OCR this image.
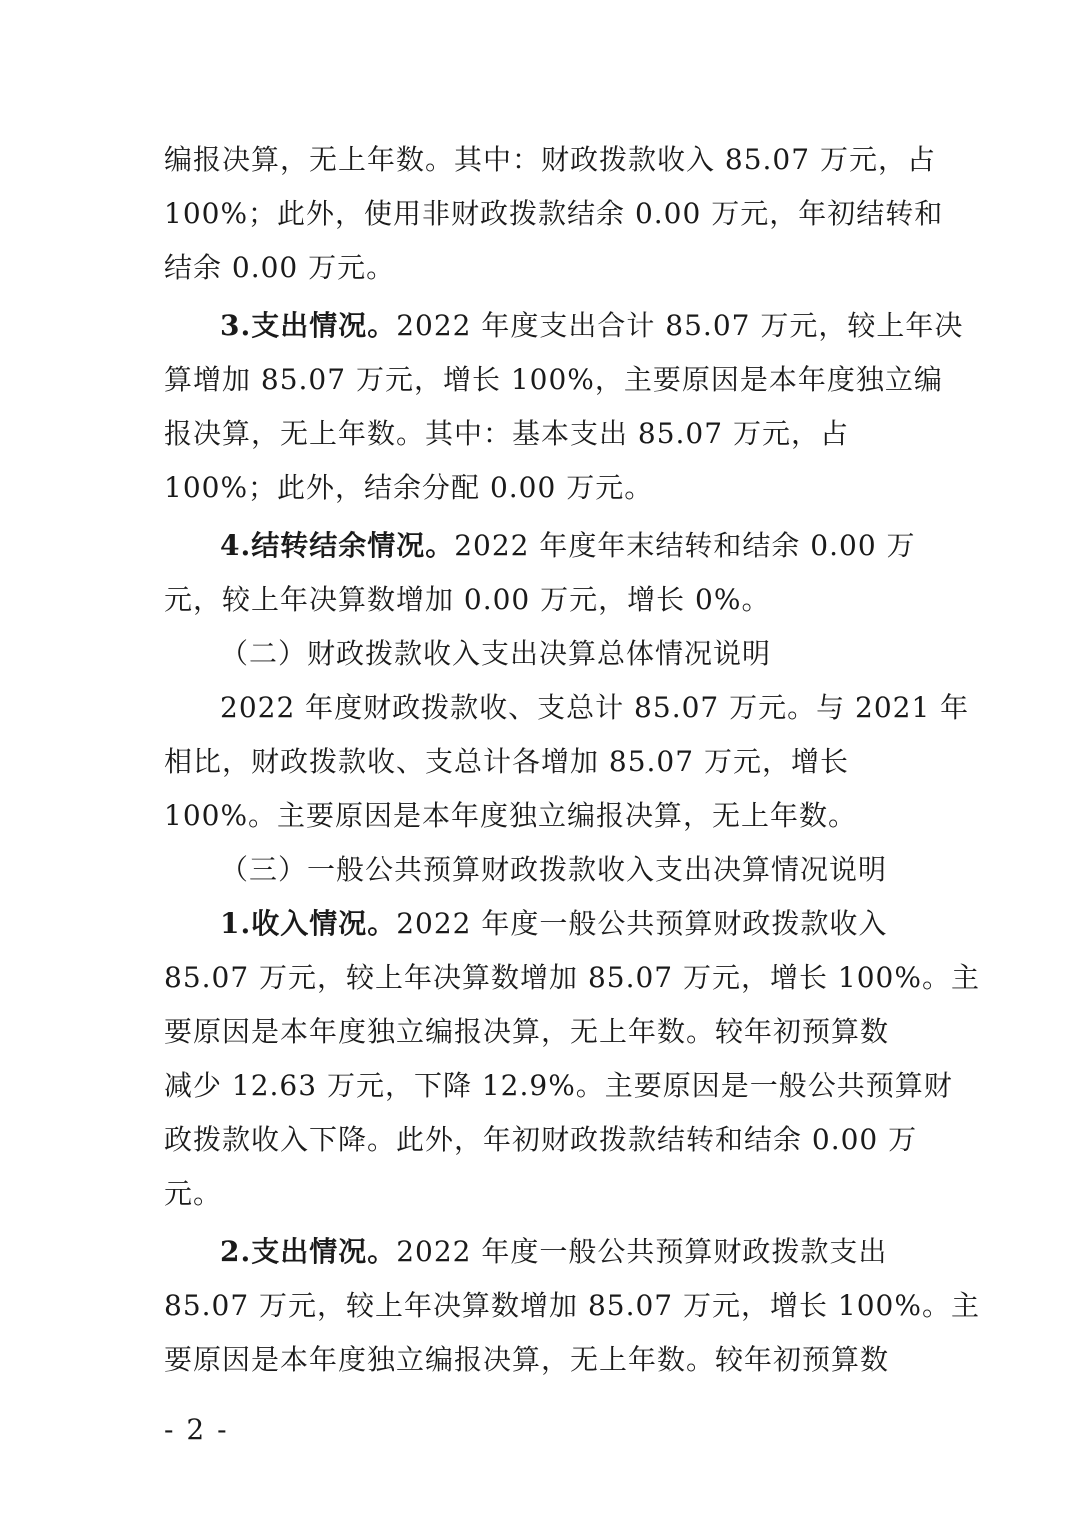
编报决算，无上年数。其中：财政拨款收入 85.07 万元，占
100%；此外，使用非财政拨款结余 0.00 万元，年初结转和
结余 0.00 万元。
3.支出情况。2022 年度支出合计 85.07 万元，较上年决
算增加 85.07 万元，增长 100%，主要原因是本年度独立编
报决算，无上年数。其中：基本支出 85.07 万元，占
100%；此外，结余分配 0.00 万元。
4.结转结余情况。2022 年度年末结转和结余 0.00 万
元，较上年决算数增加 0.00 万元，增长 0%。
（二）财政拨款收入支出决算总体情况说明
2022 年度财政拨款收、支总计 85.07 万元。与 2021 年
相比，财政拨款收、支总计各增加 85.07 万元，增长
100%。主要原因是本年度独立编报决算，无上年数。
（三）一般公共预算财政拨款收入支出决算情况说明
1.收入情况。2022 年度一般公共预算财政拨款收入
85.07 万元，较上年决算数增加 85.07 万元，增长 100%。主
要原因是本年度独立编报决算，无上年数。较年初预算数
减少 12.63 万元，下降 12.9%。主要原因是一般公共预算财
政拨款收入下降。此外，年初财政拨款结转和结余 0.00 万
元。
2.支出情况。2022 年度一般公共预算财政拨款支出
85.07 万元，较上年决算数增加 85.07 万元，增长 100%。主
要原因是本年度独立编报决算，无上年数。较年初预算数
- 2 -
